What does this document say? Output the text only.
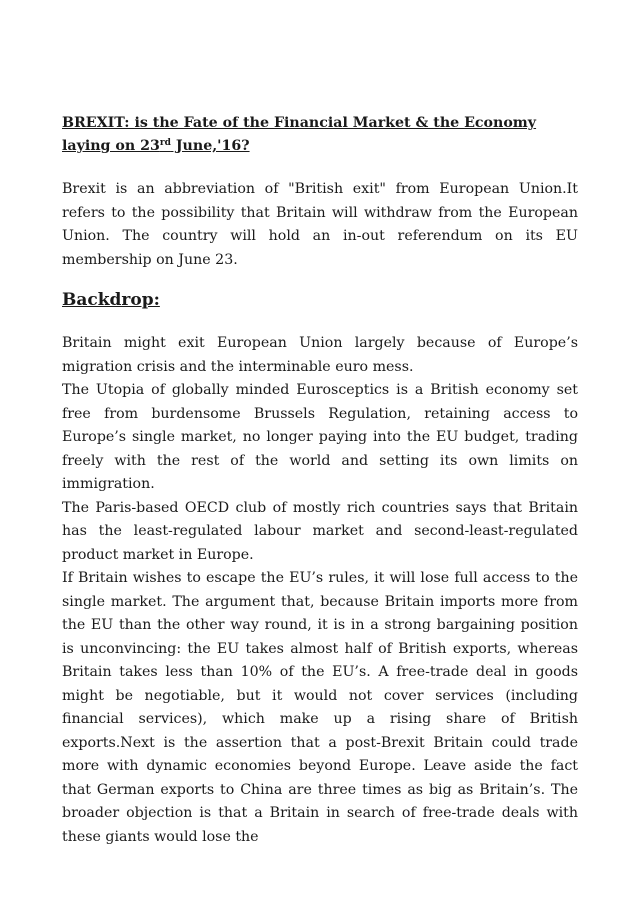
BREXIT: is the Fate of the Financial Market & the Economy laying on 23rd June,'16?

Brexit is an abbreviation of "British exit" from European Union.It refers to the possibility that Britain will withdraw from the European Union. The country will hold an in-out referendum on its EU membership on June 23.

Backdrop:

Britain might exit European Union largely because of Europe’s migration crisis and the interminable euro mess.

The Utopia of globally minded Eurosceptics is a British economy set free from burdensome Brussels Regulation, retaining access to Europe’s single market, no longer paying into the EU budget, trading freely with the rest of the world and setting its own limits on immigration.

The Paris-based OECD club of mostly rich countries says that Britain has the least-regulated labour market and second-least-regulated product market in Europe.

If Britain wishes to escape the EU’s rules, it will lose full access to the single market. The argument that, because Britain imports more from the EU than the other way round, it is in a strong bargaining position is unconvincing: the EU takes almost half of British exports, whereas Britain takes less than 10% of the EU’s. A free-trade deal in goods might be negotiable, but it would not cover services (including financial services), which make up a rising share of British exports.Next is the assertion that a post-Brexit Britain could trade more with dynamic economies beyond Europe. Leave aside the fact that German exports to China are three times as big as Britain’s. The broader objection is that a Britain in search of free-trade deals with these giants would lose the
